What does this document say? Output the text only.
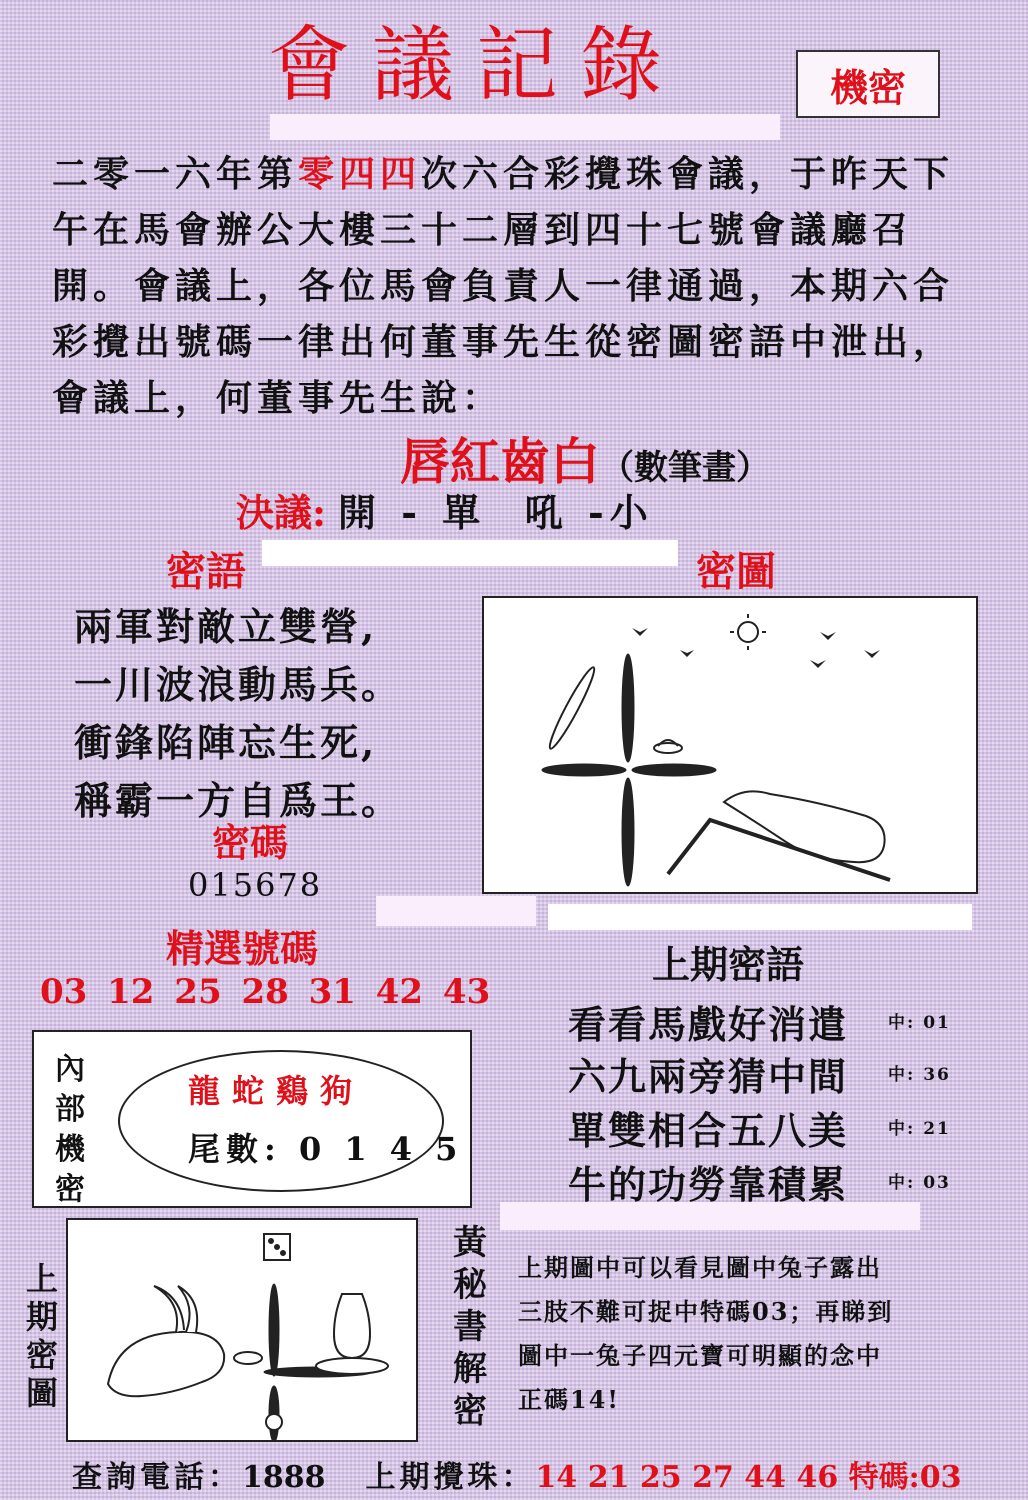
會議記錄	機密
二零一六年第零四四次六合彩攪珠會議，于昨天下午在馬會辦公大樓三十二層到四十七號會議廳召開。會議上，各位馬會負責人一律通過，本期六合彩攪出號碼一律出何董事先生從密圖密語中泄出，會議上，何董事先生說：
唇紅齒白（數筆畫）
決議: 開 - 單  吼 -小
密語	密圖
兩軍對敵立雙營,
一川波浪動馬兵。
衝鋒陷陣忘生死,
稱霸一方自爲王。
密碼
015678
精選號碼
03 12 25 28 31 42 43
上期密語
看看馬戲好消遣 中: 01
六九兩旁猜中間 中: 36
單雙相合五八美 中: 21
牛的功勞靠積累 中: 03
內部機密
龍蛇鷄狗
尾數: 0 1 4 5
上期密圖
黃秘書解密
上期圖中可以看見圖中兔子露出
三肢不難可捉中特碼03；再睇到
圖中一兔子四元寶可明顯的念中
正碼14!
查詢電話：1888 上期攪珠：14 21 25 27 44 46 特碼:03
